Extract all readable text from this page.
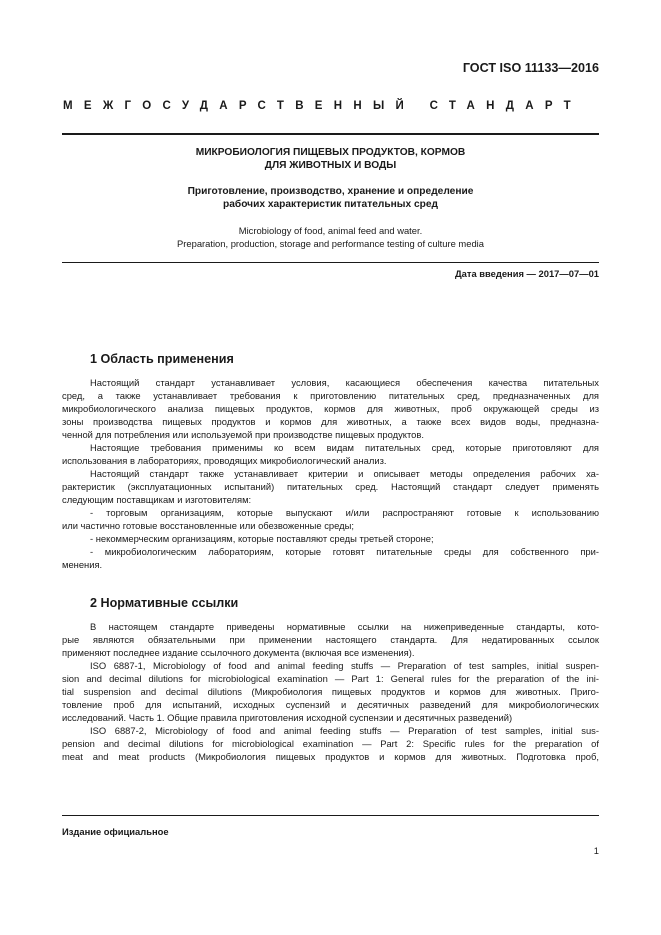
ГОСТ ISO 11133—2016
МЕЖГОСУДАРСТВЕННЫЙ СТАНДАРТ
МИКРОБИОЛОГИЯ ПИЩЕВЫХ ПРОДУКТОВ, КОРМОВ
ДЛЯ ЖИВОТНЫХ И ВОДЫ
Приготовление, производство, хранение и определение
рабочих характеристик питательных сред
Microbiology of food, animal feed and water.
Preparation, production, storage and performance testing of culture media
Дата введения — 2017—07—01
1 Область применения
Настоящий стандарт устанавливает условия, касающиеся обеспечения качества питательных
сред, а также устанавливает требования к приготовлению питательных сред, предназначенных для
микробиологического анализа пищевых продуктов, кормов для животных, проб окружающей среды из
зоны производства пищевых продуктов и кормов для животных, а также всех видов воды, предназна-
ченной для потребления или используемой при производстве пищевых продуктов.
Настоящие требования применимы ко всем видам питательных сред, которые приготовляют для
использования в лабораториях, проводящих микробиологический анализ.
Настоящий стандарт также устанавливает критерии и описывает методы определения рабочих ха-
рактеристик (эксплуатационных испытаний) питательных сред. Настоящий стандарт следует применять
следующим поставщикам и изготовителям:
- торговым организациям, которые выпускают и/или распространяют готовые к использованию
или частично готовые восстановленные или обезвоженные среды;
- некоммерческим организациям, которые поставляют среды третьей стороне;
- микробиологическим лабораториям, которые готовят питательные среды для собственного при-
менения.
2 Нормативные ссылки
В настоящем стандарте приведены нормативные ссылки на нижеприведенные стандарты, кото-
рые являются обязательными при применении настоящего стандарта. Для недатированных ссылок
применяют последнее издание ссылочного документа (включая все изменения).
ISO 6887-1, Microbiology of food and animal feeding stuffs — Preparation of test samples, initial suspen-
sion and decimal dilutions for microbiological examination — Part 1: General rules for the preparation of the ini-
tial suspension and decimal dilutions (Микробиология пищевых продуктов и кормов для животных. Приго-
товление проб для испытаний, исходных суспензий и десятичных разведений для микробиологических
исследований. Часть 1. Общие правила приготовления исходной суспензии и десятичных разведений)
ISO 6887-2, Microbiology of food and animal feeding stuffs — Preparation of test samples, initial sus-
pension and decimal dilutions for microbiological examination — Part 2: Specific rules for the preparation of
meat and meat products (Микробиология пищевых продуктов и кормов для животных. Подготовка проб,
Издание официальное
1
